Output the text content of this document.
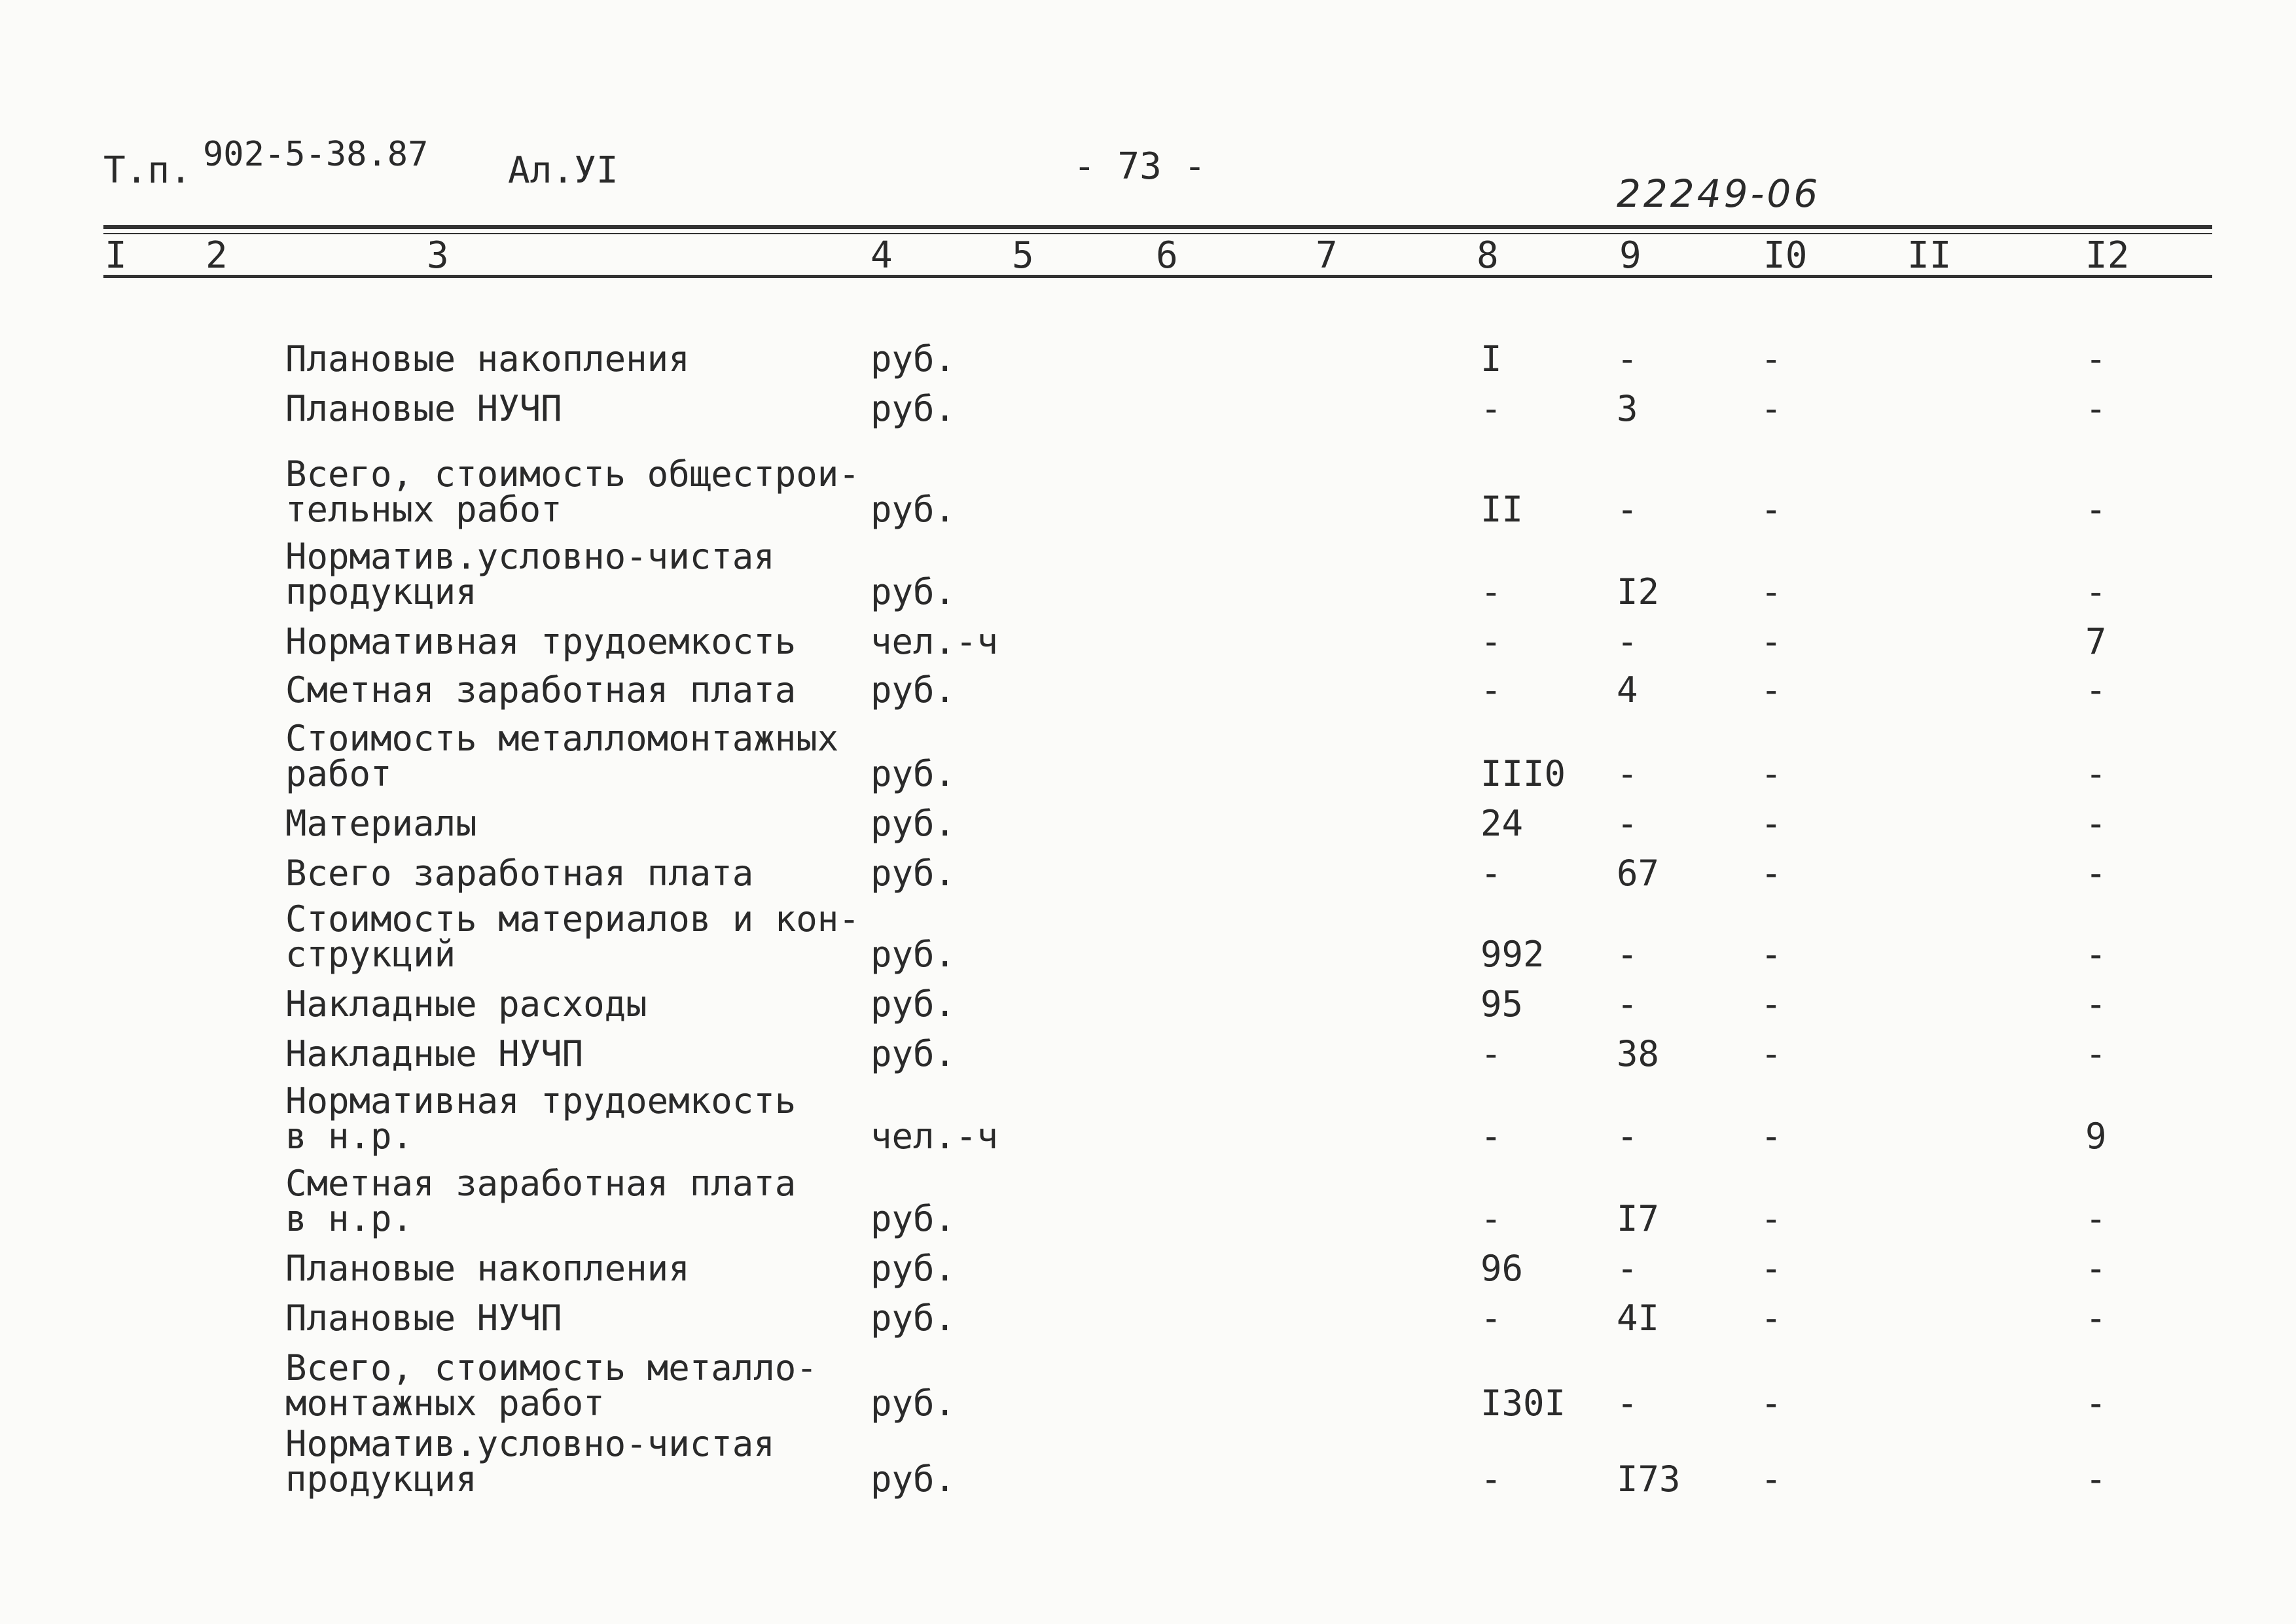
Т.п. 902-5-38.87 Ал.УI	- 73 -
22249-06
I 2	3	4	5	6	7	8	9	I0	II	I2
Плановые накопления	руб.	I	-	-	-
Плановые НУЧП	руб.	-	3	-	-
Всего, стоимость общестрои-
тельных работ	руб.	II	-	-	-
Норматив.условно-чистая
продукция	руб.	-	I2	-	-
Нормативная трудоемкость	чел.-ч	-	-	-	7
Сметная заработная плата	руб.	-	4	-	-
Стоимость металломонтажных
работ	руб.	III0 -	-	-
Материалы	руб.	24	-	-	-
Всего заработная плата	руб.	-	67	-	-
Стоимость материалов и кон-
струкций	руб.	992 -	-	-
Накладные расходы	руб.	95	-	-	-
Накладные НУЧП	руб.	-	38	-	-
Нормативная трудоемкость
в н.р.	чел.-ч	-	-	-	9
Сметная заработная плата
в н.р.	руб.	-	I7	-	-
Плановые накопления	руб.	96	-	-	-
Плановые НУЧП	руб.	-	4I	-	-
Всего, стоимость металло-
монтажных работ	руб.	I30I -	-	-
Норматив.условно-чистая
продукция	руб.	-	I73 -	-
